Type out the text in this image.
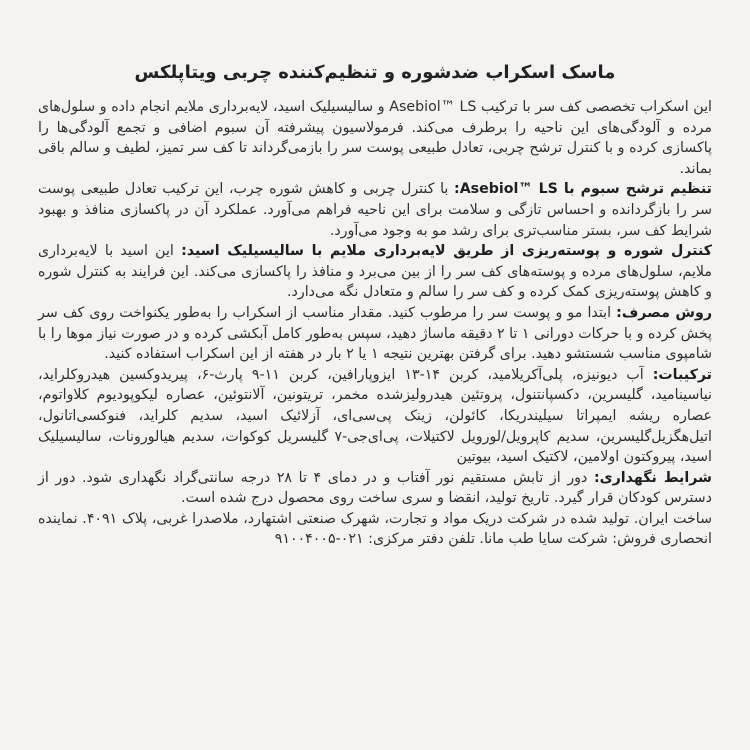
ماسک اسکراب ضدشوره و تنظیم‌کننده چربی ویتاپلکس

این اسکراب تخصصی کف سر با ترکیب Asebiol™ LS و سالیسیلیک اسید، لایه‌برداری ملایم انجام داده و سلول‌های مرده و آلودگی‌های این ناحیه را برطرف می‌کند. فرمولاسیون پیشرفته آن سبوم اضافی و تجمع آلودگی‌ها را پاکسازی کرده و با کنترل ترشح چربی، تعادل طبیعی پوست سر را بازمی‌گرداند تا کف سر تمیز، لطیف و سالم باقی بماند.

تنظیم ترشح سبوم با Asebiol™ LS: با کنترل چربی و کاهش شوره چرب، این ترکیب تعادل طبیعی پوست سر را بازگردانده و احساس تازگی و سلامت برای این ناحیه فراهم می‌آورد. عملکرد آن در پاکسازی منافذ و بهبود شرایط کف سر، بستر مناسب‌تری برای رشد مو به وجود می‌آورد.

کنترل شوره و پوسته‌ریزی از طریق لایه‌برداری ملایم با سالیسیلیک اسید: این اسید با لایه‌برداری ملایم، سلول‌های مرده و پوسته‌های کف سر را از بین می‌برد و منافذ را پاکسازی می‌کند. این فرایند به کنترل شوره و کاهش پوسته‌ریزی کمک کرده و کف سر را سالم و متعادل نگه می‌دارد.

روش مصرف: ابتدا مو و پوست سر را مرطوب کنید. مقدار مناسب از اسکراب را به‌طور یکنواخت روی کف سر پخش کرده و با حرکات دورانی ۱ تا ۲ دقیقه ماساژ دهید، سپس به‌طور کامل آبکشی کرده و در صورت نیاز موها را با شامپوی مناسب شستشو دهید. برای گرفتن بهترین نتیجه ۱ یا ۲ بار در هفته از این اسکراب استفاده کنید.

ترکیبات: آب دیونیزه، پلی‌آکریلامید، کربن ۱۴-۱۳ ایزوپارافین، کربن ۱۱-۹ پارث-۶، پیریدوکسین هیدروکلراید، نیاسینامید، گلیسرین، دکسپانتنول، پروتئین هیدرولیزشده مخمر، تریتونین، آلانتوئین، عصاره لیکوپودیوم کلاواتوم، عصاره ریشه ایمپراتا سیلیندریکا، کائولن، زینک پی‌سی‌ای، آزلائیک اسید، سدیم کلراید، فنوکسی‌اتانول، اتیل‌هگزیل‌گلیسرین، سدیم کاپرویل/لورویل لاکتیلات، پی‌ای‌جی-۷ گلیسریل کوکوات، سدیم هیالورونات، سالیسیلیک اسید، پیروکتون اولامین، لاکتیک اسید، بیوتین

شرایط نگهداری: دور از تابش مستقیم نور آفتاب و در دمای ۴ تا ۲۸ درجه سانتی‌گراد نگهداری شود. دور از دسترس کودکان قرار گیرد. تاریخ تولید، انقضا و سری ساخت روی محصول درج شده است.

ساخت ایران. تولید شده در شرکت دریک مواد و تجارت، شهرک صنعتی اشتهارد، ملاصدرا غربی، پلاک ۴۰۹۱. نماینده انحصاری فروش: شرکت سایا طب مانا. تلفن دفتر مرکزی: ۰۲۱-۹۱۰۰۴۰۰۵
